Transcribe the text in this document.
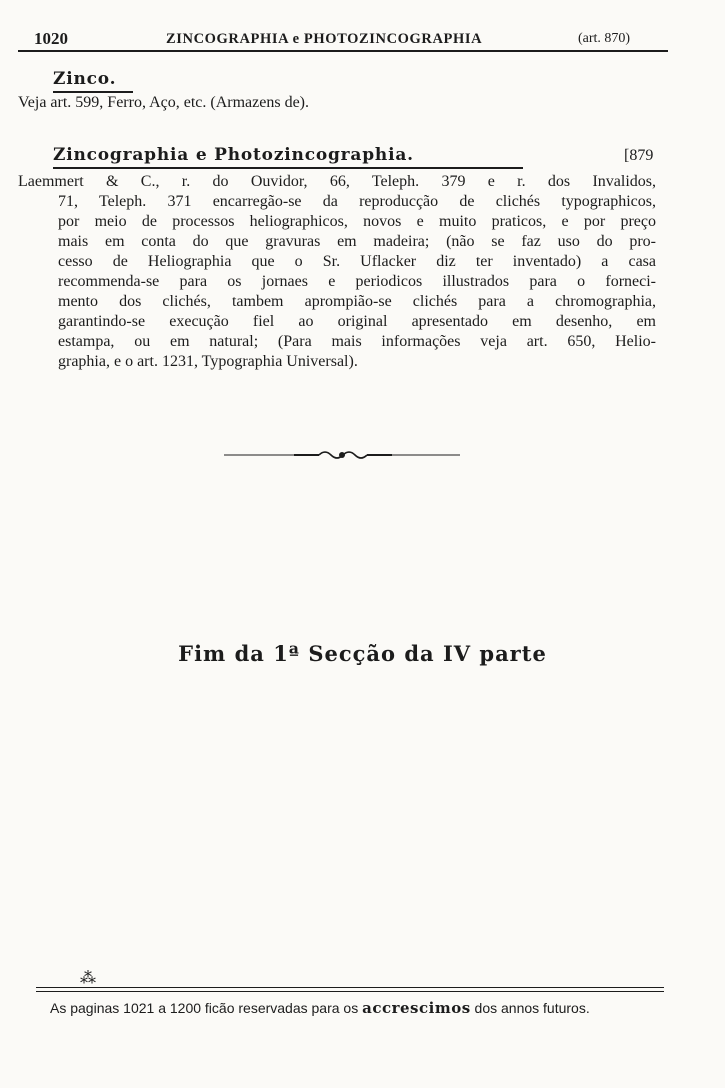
1020	ZINCOGRAPHIA e PHOTOZINCOGRAPHIA	(art. 870)
Zinco.
Veja art. 599, Ferro, Aço, etc. (Armazens de).
Zincographia e Photozincographia.	[879
Laemmert & C., r. do Ouvidor, 66, Teleph. 379 e r. dos Invalidos,
71, Teleph. 371 encarregão-se da reproducção de clichés typographicos,
por meio de processos heliographicos, novos e muito praticos, e por preço
mais em conta do que gravuras em madeira; (não se faz uso do pro-
cesso de Heliographia que o Sr. Uflacker diz ter inventado) a casa
recommenda-se para os jornaes e periodicos illustrados para o forneci-
mento dos clichés, tambem aprompião-se clichés para a chromographia,
garantindo-se execução fiel ao original apresentado em desenho, em
estampa, ou em natural; (Para mais informações veja art. 650, Helio-
graphia, e o art. 1231, Typographia Universal).
Fim da 1ª Secção da IV parte
⁂
As paginas 1021 a 1200 ficão reservadas para os accrescimos dos annos futuros.
